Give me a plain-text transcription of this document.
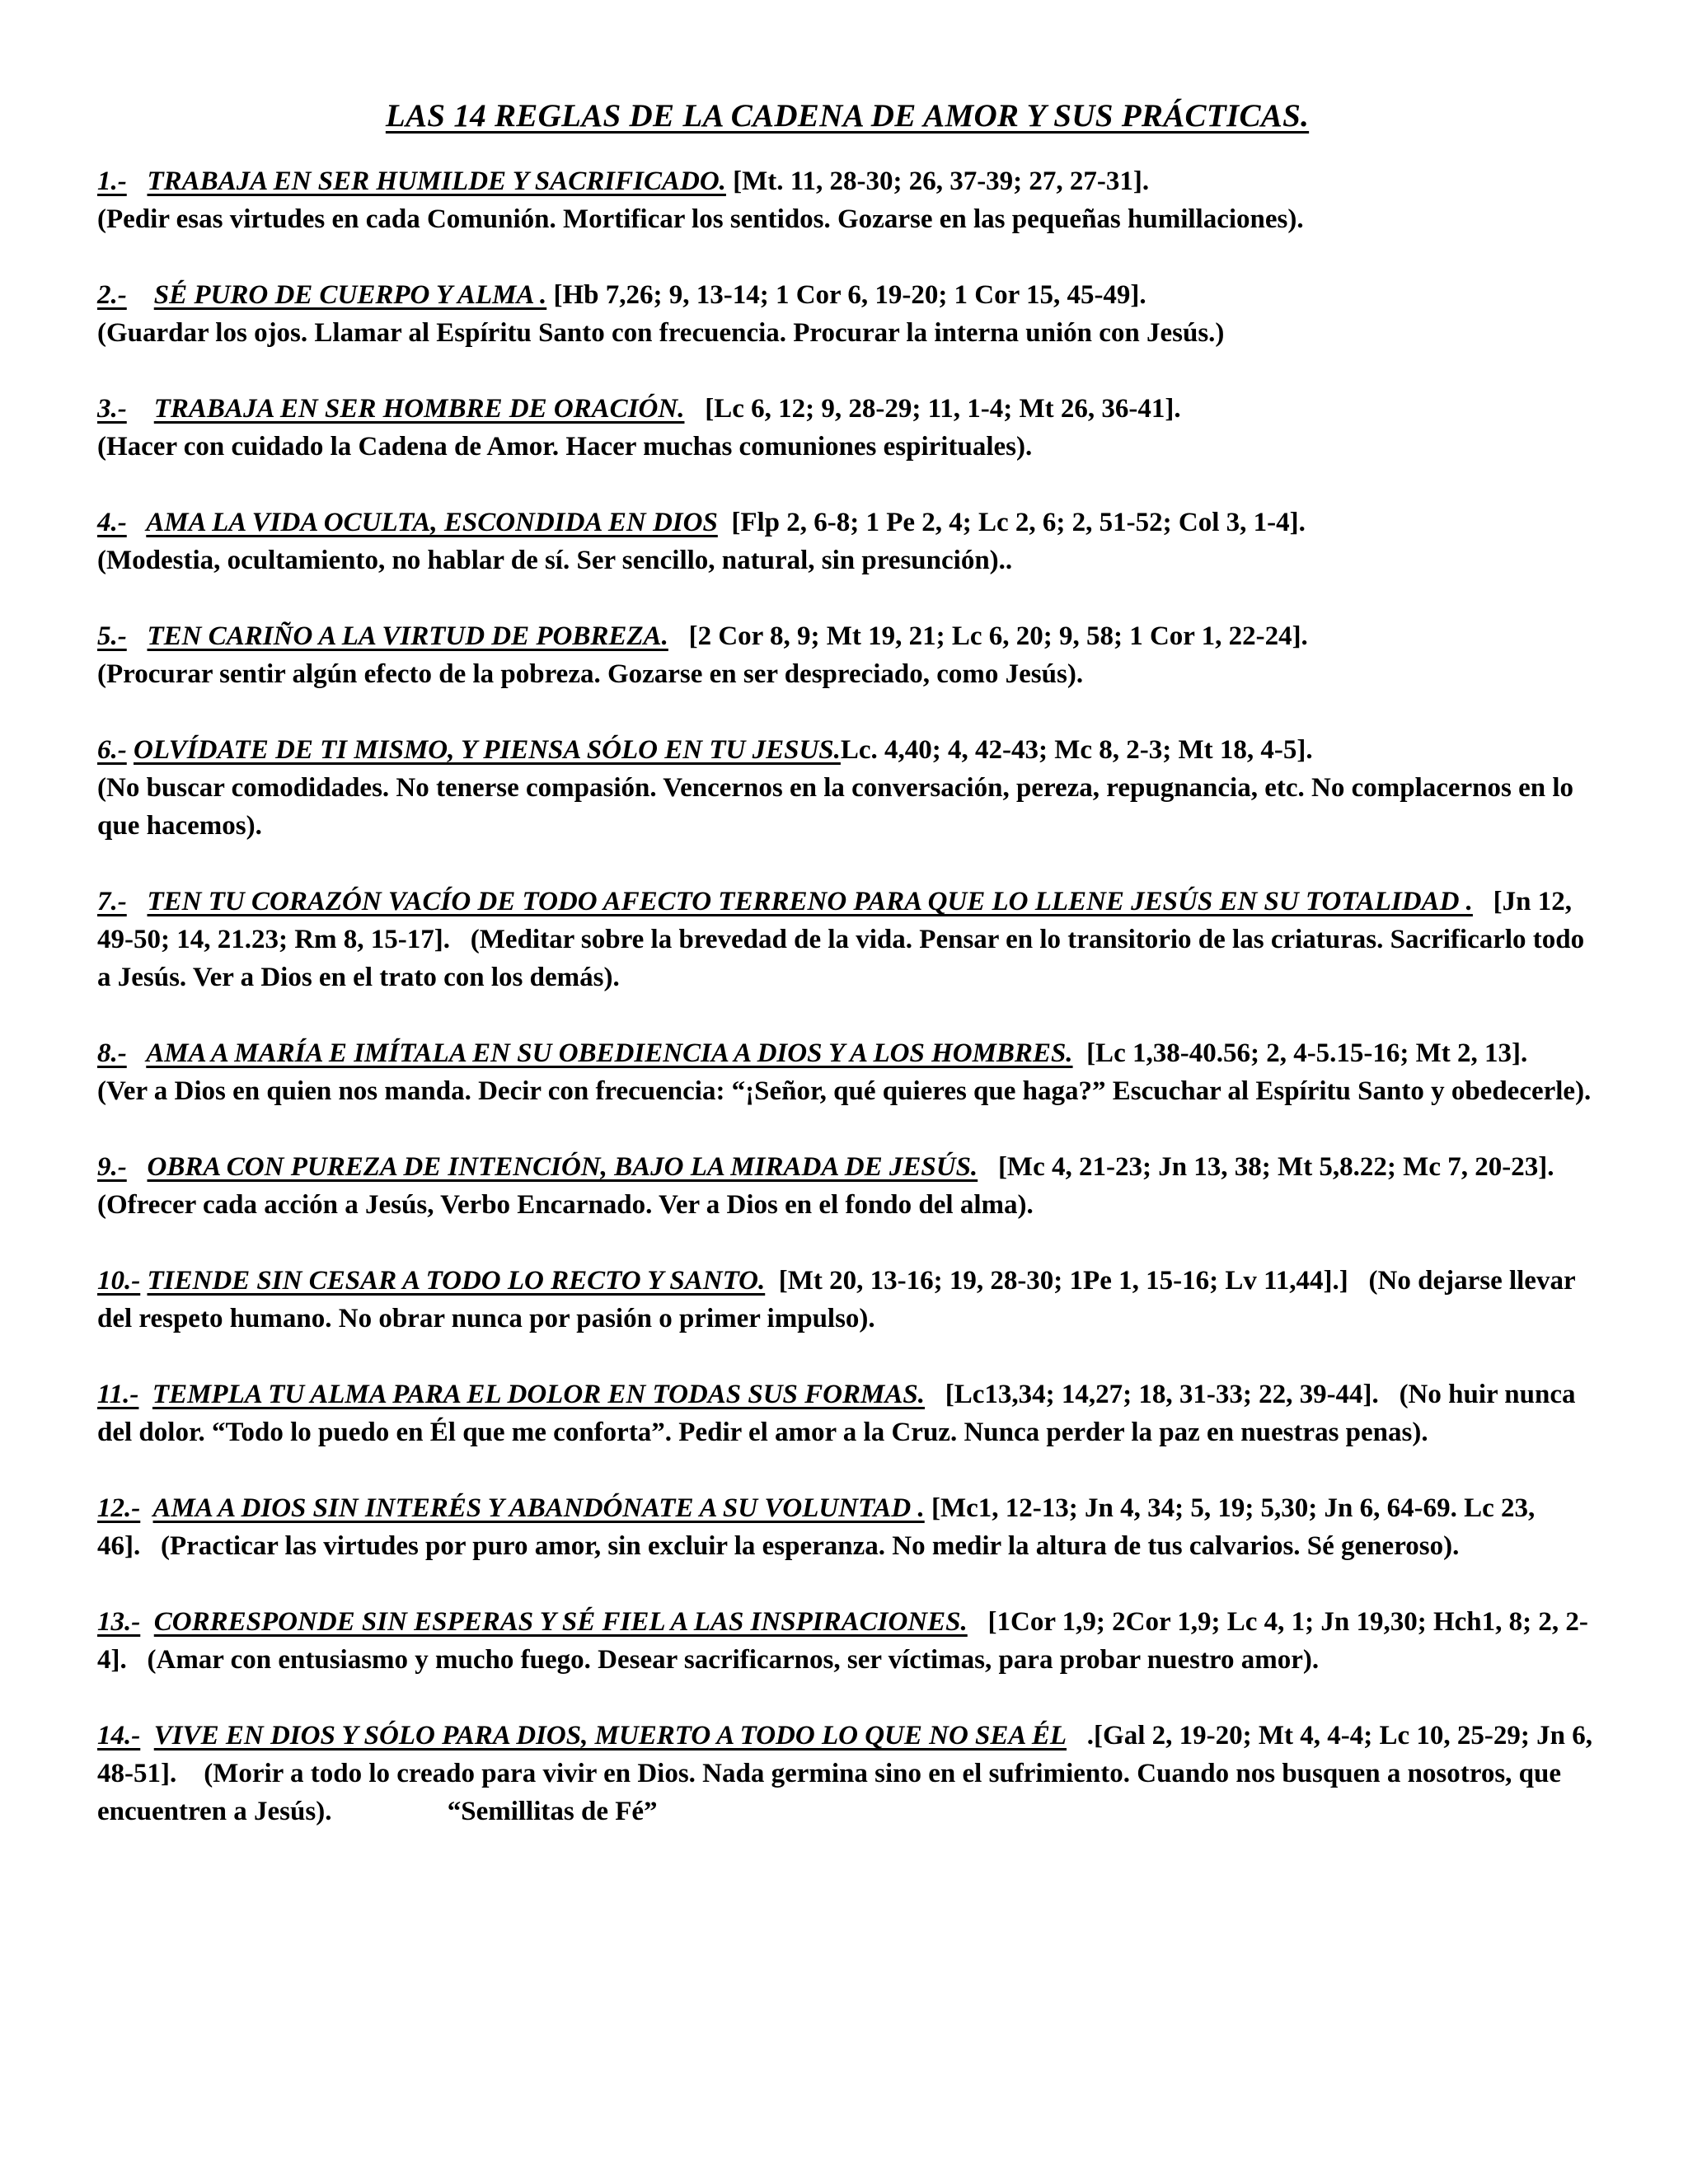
LAS 14 REGLAS DE LA CADENA DE AMOR Y SUS PRÁCTICAS.
1.- TRABAJA EN SER HUMILDE Y SACRIFICADO. [Mt. 11, 28-30; 26, 37-39; 27, 27-31].
(Pedir esas virtudes en cada Comunión. Mortificar los sentidos. Gozarse en las pequeñas humillaciones).
2.- SÉ PURO DE CUERPO Y ALMA . [Hb 7,26; 9, 13-14; 1 Cor 6, 19-20; 1 Cor 15, 45-49].
(Guardar los ojos. Llamar al Espíritu Santo con frecuencia. Procurar la interna unión con Jesús.)
3.- TRABAJA EN SER HOMBRE DE ORACIÓN. [Lc 6, 12; 9, 28-29; 11, 1-4; Mt 26, 36-41].
(Hacer con cuidado la Cadena de Amor. Hacer muchas comuniones espirituales).
4.- AMA LA VIDA OCULTA, ESCONDIDA EN DIOS [Flp 2, 6-8; 1 Pe 2, 4; Lc 2, 6; 2, 51-52; Col 3, 1-4].
(Modestia, ocultamiento, no hablar de sí. Ser sencillo, natural, sin presunción)..
5.- TEN CARIÑO A LA VIRTUD DE POBREZA. [2 Cor 8, 9; Mt 19, 21; Lc 6, 20; 9, 58; 1 Cor 1, 22-24].
(Procurar sentir algún efecto de la pobreza. Gozarse en ser despreciado, como Jesús).
6.- OLVÍDATE DE TI MISMO, Y PIENSA SÓLO EN TU JESUS.Lc. 4,40; 4, 42-43; Mc 8, 2-3; Mt 18, 4-5].
(No buscar comodidades. No tenerse compasión. Vencernos en la conversación, pereza, repugnancia, etc. No complacernos en lo que hacemos).
7.- TEN TU CORAZÓN VACÍO DE TODO AFECTO TERRENO PARA QUE LO LLENE JESÚS EN SU TOTALIDAD . [Jn 12, 49-50; 14, 21.23; Rm 8, 15-17]. (Meditar sobre la brevedad de la vida. Pensar en lo transitorio de las criaturas. Sacrificarlo todo a Jesús. Ver a Dios en el trato con los demás).
8.- AMA A MARÍA E IMÍTALA EN SU OBEDIENCIA A DIOS Y A LOS HOMBRES. [Lc 1,38-40.56; 2, 4-5.15-16; Mt 2, 13].   (Ver a Dios en quien nos manda. Decir con frecuencia: “¡Señor, qué quieres que haga?” Escuchar al Espíritu Santo y obedecerle).
9.- OBRA CON PUREZA DE INTENCIÓN, BAJO LA MIRADA DE JESÚS. [Mc 4, 21-23; Jn 13, 38; Mt 5,8.22; Mc 7, 20-23].   (Ofrecer cada acción a Jesús, Verbo Encarnado. Ver a Dios en el fondo del alma).
10.- TIENDE SIN CESAR A TODO LO RECTO Y SANTO. [Mt 20, 13-16; 19, 28-30; 1Pe 1, 15-16; Lv 11,44].] (No dejarse llevar del respeto humano. No obrar nunca por pasión o primer impulso).
11.- TEMPLA TU ALMA PARA EL DOLOR EN TODAS SUS FORMAS. [Lc13,34; 14,27; 18, 31-33; 22, 39-44]. (No huir nunca del dolor. “Todo lo puedo en Él que me conforta”. Pedir el amor a la Cruz. Nunca perder la paz en nuestras penas).
12.- AMA A DIOS SIN INTERÉS Y ABANDÓNATE A SU VOLUNTAD . [Mc1, 12-13; Jn 4, 34; 5, 19; 5,30; Jn 6, 64-69. Lc 23, 46]. (Practicar las virtudes por puro amor, sin excluir la esperanza. No medir la altura de tus calvarios. Sé generoso).
13.- CORRESPONDE SIN ESPERAS Y SÉ FIEL A LAS INSPIRACIONES. [1Cor 1,9; 2Cor 1,9; Lc 4, 1; Jn 19,30; Hch1, 8; 2, 2-4]. (Amar con entusiasmo y mucho fuego. Desear sacrificarnos, ser víctimas, para probar nuestro amor).
14.- VIVE EN DIOS Y SÓLO PARA DIOS, MUERTO A TODO LO QUE NO SEA ÉL .[Gal 2, 19-20; Mt 4, 4-4; Lc 10, 25-29; Jn 6, 48-51]. (Morir a todo lo creado para vivir en Dios. Nada germina sino en el sufrimiento. Cuando nos busquen a nosotros, que encuentren a Jesús).	“Semillitas de Fé”
